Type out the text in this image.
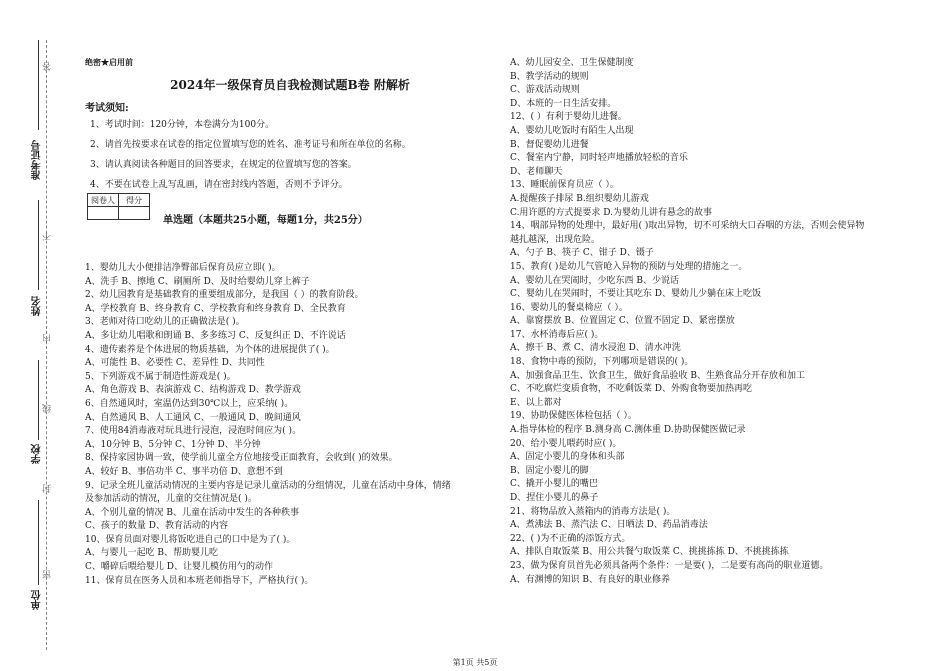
准考证号
姓名
学校
单位
答
不
内
线
封
密
绝密★启用前
2024年一级保育员自我检测试题B卷 附解析
考试须知:
1、考试时间：120分钟，本卷满分为100分。
2、请首先按要求在试卷的指定位置填写您的姓名、准考证号和所在单位的名称。
3、请认真阅读各种题目的回答要求，在规定的位置填写您的答案。
4、不要在试卷上乱写乱画，请在密封线内答题，否则不予评分。
阅卷人	得分

单选题（本题共25小题，每题1分，共25分）
1、婴幼儿大小便排洁净臀部后保育员应立即( )。
A、洗手 B、擦地 C、刷厕所 D、及时给婴幼儿穿上裤子
2、幼儿园教育是基础教育的重要组成部分，是我国（ ）的教育阶段。
A、学校教育 B、终身教育 C、学校教育和终身教育 D、全民教育
3、老师对待口吃幼儿的正确做法是( )。
A、多让幼儿唱歌和朗诵 B、多多练习 C、反复纠正 D、不许说话
4、遗传素养是个体进展的物质基础，为个体的进展提供了( )。
A、可能性 B、必要性 C、差异性 D、共同性
5、下列游戏不属于制造性游戏是( )。
A、角色游戏 B、表演游戏 C、结构游戏 D、教学游戏
6、自然通风时，室温仍达到30℃以上，应采纳( )。
A、自然通风 B、人工通风 C、一般通风 D、晚间通风
7、使用84消毒液对玩具进行浸泡，浸泡时间应为( )。
A、10分钟 B、5分钟 C、1分钟 D、半分钟
8、保持家园协调一致，使学前儿童全方位地接受正面教育，会收到( )的效果。
A、较好 B、事倍功半 C、事半功倍 D、意想不到
9、记录全班儿童活动情况的主要内容是记录儿童活动的分组情况，儿童在活动中身体，情绪
及参加活动的情况，儿童的交往情况是( )。
A、个别儿童的情况 B、儿童在活动中发生的各种秩事
C、孩子的数量 D、教育活动的内容
10、保育员面对婴儿将饭吃进自己的口中是为了( )。
A、与婴儿一起吃 B、帮助婴儿吃
C、嚼碎后喂给婴儿 D、让婴儿模仿用勺的动作
11、保育员在医务人员和本班老师指导下，严格执行( )。
A、幼儿园安全、卫生保健制度
B、教学活动的规则
C、游戏活动规则
D、本班的一日生活安排。
12、( ）有利于婴幼儿进餐。
A、婴幼儿吃饭时有陌生人出现
B、督促婴幼儿进餐
C、餐室内宁静，同时轻声地播放轻松的音乐
D、老师聊天
13、睡眠前保育员应（ ）。
A.提醒孩子排尿 B.组织婴幼儿游戏
C.用许愿的方式提要求 D.为婴幼儿讲有悬念的故事
14、咽部异物的处理中，最好用( )取出异物，切不可采纳大口吞咽的方法，否则会使异物
越扎越深，出现危险。
A、勺子 B、筷子 C、钳子 D、镊子
15、教育( )是幼儿气管呛入异物的预防与处理的措施之一。
A、婴幼儿在哭闹时，少吃东西 B、少说话
C、婴幼儿在哭闹时，不要让其吃东 D、婴幼儿少躺在床上吃饭
16、婴幼儿的餐桌椅应（ ）。
A、靠窗摆放 B、位置固定 C、位置不固定 D、紧密摆放
17、水杯消毒后应( )。
A、擦干 B、煮 C、清水浸泡 D、清水冲洗
18、食物中毒的预防，下列哪项是错误的( )。
A、加强食品卫生、饮食卫生，做好食品验收 B、生熟食品分开存放和加工
C、不吃腐烂变质食物，不吃剩饭菜 D、外购食物要加热再吃
E、以上都对
19、协助保健医体检包括（ ）。
A.指导体检的程序 B.测身高 C.测体重 D.协助保健医做记录
20、给小婴儿喂药时应( )。
A、固定小婴儿的身体和头部
B、固定小婴儿的脚
C、撬开小婴儿的嘴巴
D、捏住小婴儿的鼻子
21、将物品放入蒸箱内的消毒方法是( )。
A、煮沸法 B、蒸汽法 C、日晒法 D、药品消毒法
22、( )为不正确的添饭方式。
A、排队自取饭菜 B、用公共餐勺取饭菜 C、挑挑拣拣 D、不挑挑拣拣
23、做为保育员首先必须具备两个条件：一是要( )，二是要有高尚的职业道德。
A、有渊博的知识 B、有良好的职业修养
第1页 共5页
